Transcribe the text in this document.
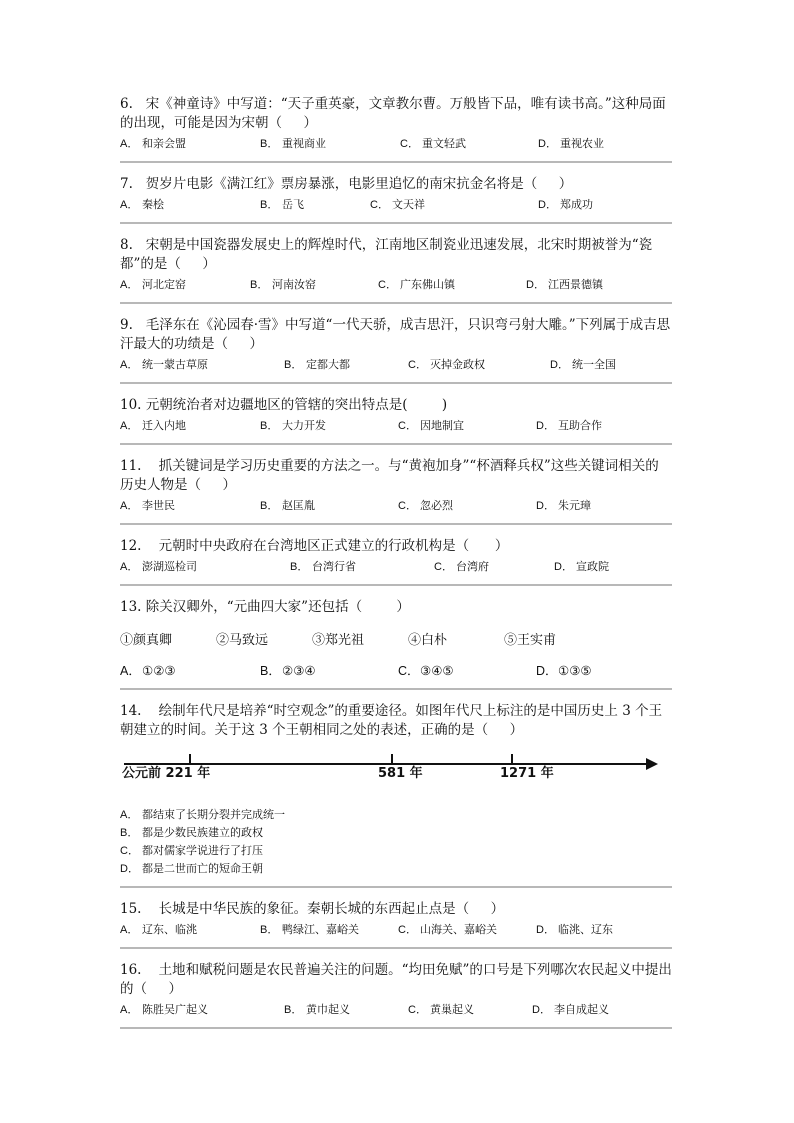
6.   宋《神童诗》中写道：“天子重英豪，文章教尔曹。万般皆下品，唯有读书高。”这种局面的出现，可能是因为宋朝（     ）

A． 和亲会盟	B． 重视商业	C． 重文轻武	D． 重视农业

7.   贺岁片电影《满江红》票房暴涨，电影里追忆的南宋抗金名将是（     ）

A． 秦桧	B． 岳飞	C． 文天祥	D． 郑成功

8.   宋朝是中国瓷器发展史上的辉煌时代，江南地区制瓷业迅速发展，北宋时期被誉为“瓷都”的是（     ）

A． 河北定窑	B． 河南汝窑	C． 广东佛山镇	D． 江西景德镇

9.   毛泽东在《沁园春·雪》中写道“一代天骄，成吉思汗，只识弯弓射大雕。”下列属于成吉思汗最大的功绩是（     ）

A． 统一蒙古草原	B． 定都大都	C． 灭掉金政权	D． 统一全国

10. 元朝统治者对边疆地区的管辖的突出特点是(        )

A． 迁入内地	B． 大力开发	C． 因地制宜	D． 互助合作

11.    抓关键词是学习历史重要的方法之一。与“黄袍加身”“杯酒释兵权”这些关键词相关的历史人物是（     ）

A． 李世民	B． 赵匡胤	C． 忽必烈	D． 朱元璋

12.    元朝时中央政府在台湾地区正式建立的行政机构是（      ）

A． 澎湖巡检司	B． 台湾行省	C． 台湾府	D． 宣政院

13. 除关汉卿外，“元曲四大家”还包括（        ）

①颜真卿	②马致远	③郑光祖	④白朴	⑤王实甫
A．①②③	B．②③④	C．③④⑤	D．①③⑤

14.    绘制年代尺是培养“时空观念”的重要途径。如图年代尺上标注的是中国历史上 3 个王朝建立的时间。关于这 3 个王朝相同之处的表述，正确的是（     ）

公元前 221 年	581 年	1271 年
A． 都结束了长期分裂并完成统一
B． 都是少数民族建立的政权
C． 都对儒家学说进行了打压
D． 都是二世而亡的短命王朝

15.    长城是中华民族的象征。秦朝长城的东西起止点是（     ）

A． 辽东、临洮	B． 鸭绿江、嘉峪关	C． 山海关、嘉峪关	D． 临洮、辽东

16.    土地和赋税问题是农民普遍关注的问题。“均田免赋”的口号是下列哪次农民起义中提出的（     ）

A． 陈胜吴广起义	B． 黄巾起义	C． 黄巢起义	D． 李自成起义
